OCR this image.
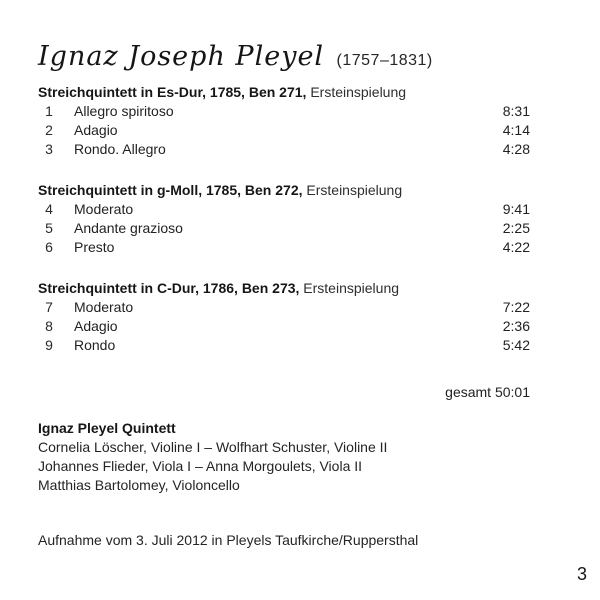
Ignaz Joseph Pleyel (1757–1831)
Streichquintett in Es-Dur, 1785, Ben 271, Ersteinspielung
1	Allegro spiritoso	8:31
2	Adagio	4:14
3	Rondo. Allegro	4:28
Streichquintett in g-Moll, 1785, Ben 272, Ersteinspielung
4	Moderato	9:41
5	Andante grazioso	2:25
6	Presto	4:22
Streichquintett in C-Dur, 1786, Ben 273, Ersteinspielung
7	Moderato	7:22
8	Adagio	2:36
9	Rondo	5:42
gesamt 50:01
Ignaz Pleyel Quintett
Cornelia Löscher, Violine I – Wolfhart Schuster, Violine II
Johannes Flieder, Viola I – Anna Morgoulets, Viola II
Matthias Bartolomey, Violoncello
Aufnahme vom 3. Juli 2012 in Pleyels Taufkirche/Ruppersthal
3
